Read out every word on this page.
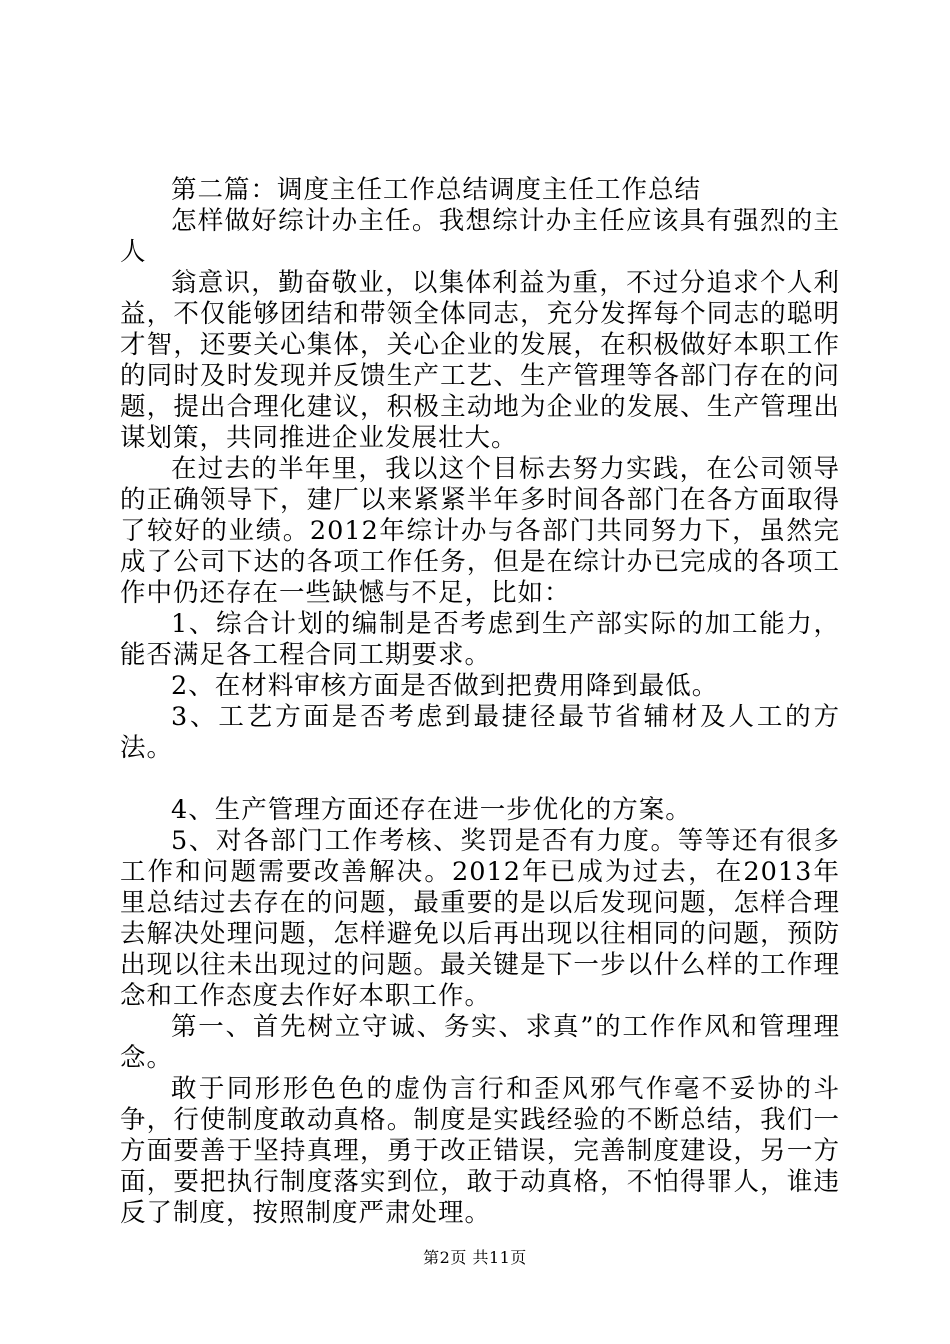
第二篇：调度主任工作总结调度主任工作总结

怎样做好综计办主任。我想综计办主任应该具有强烈的主人

翁意识，勤奋敬业，以集体利益为重，不过分追求个人利益，不仅能够团结和带领全体同志，充分发挥每个同志的聪明才智，还要关心集体，关心企业的发展，在积极做好本职工作的同时及时发现并反馈生产工艺、生产管理等各部门存在的问题，提出合理化建议，积极主动地为企业的发展、生产管理出谋划策，共同推进企业发展壮大。

在过去的半年里，我以这个目标去努力实践，在公司领导的正确领导下，建厂以来紧紧半年多时间各部门在各方面取得了较好的业绩。2012年综计办与各部门共同努力下，虽然完成了公司下达的各项工作任务，但是在综计办已完成的各项工作中仍还存在一些缺憾与不足，比如：

1、综合计划的编制是否考虑到生产部实际的加工能力，能否满足各工程合同工期要求。

2、在材料审核方面是否做到把费用降到最低。

3、工艺方面是否考虑到最捷径最节省辅材及人工的方法。

4、生产管理方面还存在进一步优化的方案。

5、对各部门工作考核、奖罚是否有力度。等等还有很多工作和问题需要改善解决。2012年已成为过去，在2013年里总结过去存在的问题，最重要的是以后发现问题，怎样合理去解决处理问题，怎样避免以后再出现以往相同的问题，预防出现以往未出现过的问题。最关键是下一步以什么样的工作理念和工作态度去作好本职工作。

第一、首先树立守诚、务实、求真”的工作作风和管理理念。

敢于同形形色色的虚伪言行和歪风邪气作毫不妥协的斗争，行使制度敢动真格。制度是实践经验的不断总结，我们一方面要善于坚持真理，勇于改正错误，完善制度建设，另一方面，要把执行制度落实到位，敢于动真格，不怕得罪人，谁违反了制度，按照制度严肃处理。

第2页 共11页
